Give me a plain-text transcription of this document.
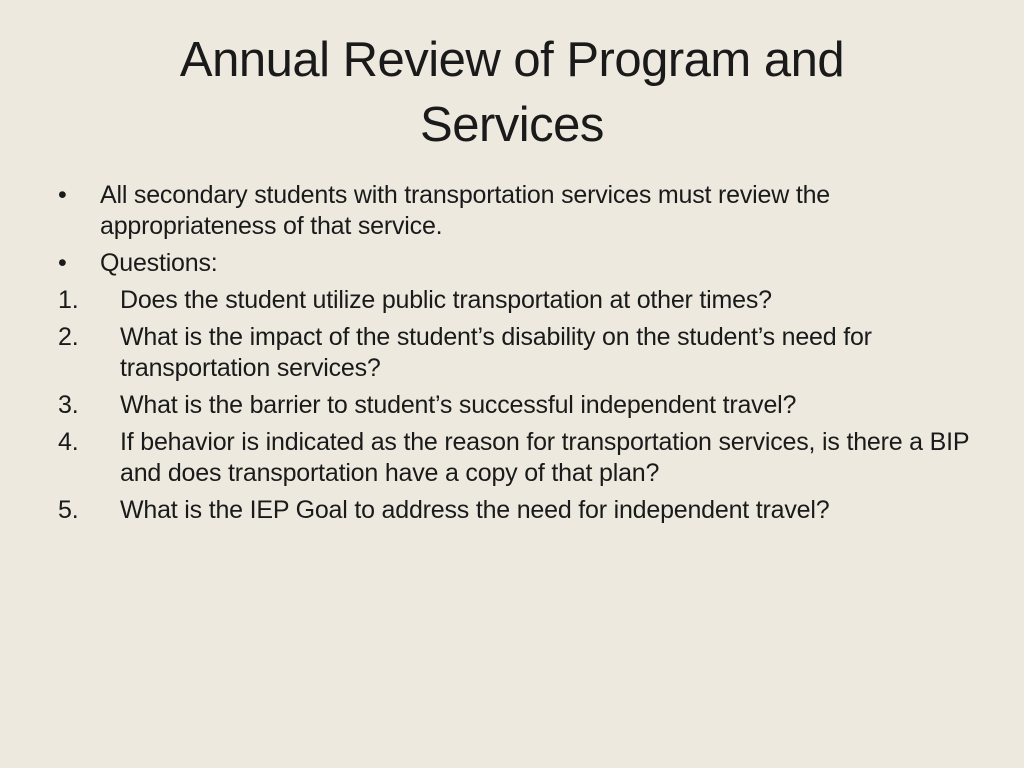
Annual Review of Program and Services
•	All secondary students with transportation services must review the appropriateness of that service.
•	Questions:
1.	Does the student utilize public transportation at other times?
2.	What is the impact of the student’s disability on the student’s need for transportation services?
3.	What is the barrier to student’s successful independent travel?
4.	If behavior is indicated as the reason for transportation services, is there a BIP and does transportation have a copy of that plan?
5.	What is the IEP Goal to address the need for independent travel?
